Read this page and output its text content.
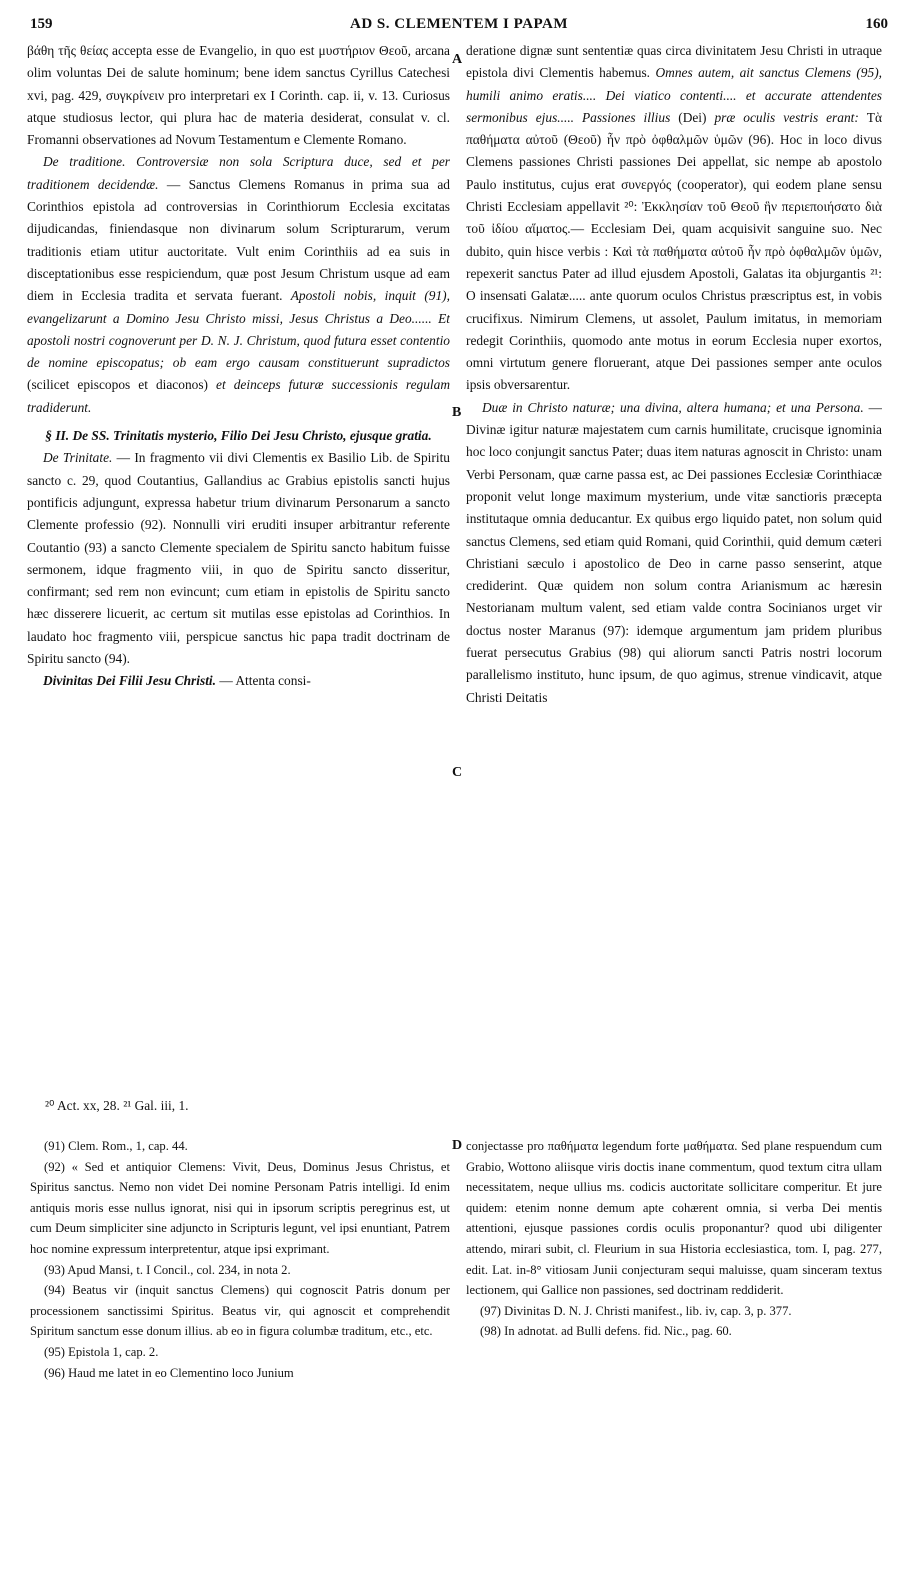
159	AD S. CLEMENTEM I PAPAM	160
A
B
C
D

βάθη τῆς θείας accepta esse de Evangelio, in quo est μυστήριον Θεοῦ, arcana olim voluntas Dei de salute hominum; bene idem sanctus Cyrillus Catechesi xvi, pag. 429, συγκρίνειν pro interpretari ex I Corinth. cap. ii, v. 13. Curiosus atque studiosus lector, qui plura hac de materia desiderat, consulat v. cl. Fromanni observationes ad Novum Testamentum e Clemente Romano.

De traditione. Controversiæ non sola Scriptura duce, sed et per traditionem decidendæ. — Sanctus Clemens Romanus in prima sua ad Corinthios epistola ad controversias in Corinthiorum Ecclesia excitatas dijudicandas, finiendasque non divinarum solum Scripturarum, verum traditionis etiam utitur auctoritate. Vult enim Corinthiis ad ea suis in disceptationibus esse respiciendum, quæ post Jesum Christum usque ad eam diem in Ecclesia tradita et servata fuerant. Apostoli nobis, inquit (91), evangelizarunt a Domino Jesu Christo missi, Jesus Christus a Deo...... Et apostoli nostri cognoverunt per D. N. J. Christum, quod futura esset contentio de nomine episcopatus; ob eam ergo causam constituerunt supradictos (scilicet episcopos et diaconos) et deinceps futuræ successionis regulam tradiderunt.

§ II. De SS. Trinitatis mysterio, Filio Dei Jesu Christo, ejusque gratia.

De Trinitate. — In fragmento vii divi Clementis ex Basilio Lib. de Spiritu sancto c. 29, quod Coutantius, Gallandius ac Grabius epistolis sancti hujus pontificis adjungunt, expressa habetur trium divinarum Personarum a sancto Clemente professio (92). Nonnulli viri eruditi insuper arbitrantur referente Coutantio (93) a sancto Clemente specialem de Spiritu sancto habitum fuisse sermonem, idque fragmento viii, in quo de Spiritu sancto disseritur, confirmant; sed rem non evincunt; cum etiam in epistolis de Spiritu sancto hæc disserere licuerit, ac certum sit mutilas esse epistolas ad Corinthios. In laudato hoc fragmento viii, perspicue sanctus hic papa tradit doctrinam de Spiritu sancto (94).

Divinitas Dei Filii Jesu Christi. — Attenta consi-

deratione dignæ sunt sententiæ quas circa divinitatem Jesu Christi in utraque epistola divi Clementis habemus. Omnes autem, ait sanctus Clemens (95), humili animo eratis.... Dei viatico contenti.... et accurate attendentes sermonibus ejus..... Passiones illius (Dei) præ oculis vestris erant: Τὰ παθήματα αὐτοῦ (Θεοῦ) ἦν πρὸ ὀφθαλμῶν ὑμῶν (96). Hoc in loco divus Clemens passiones Christi passiones Dei appellat, sic nempe ab apostolo Paulo institutus, cujus erat συνεργός (cooperator), qui eodem plane sensu Christi Ecclesiam appellavit ²⁰: Ἐκκλησίαν τοῦ Θεοῦ ἣν περιεποιήσατο διὰ τοῦ ἰδίου αἵματος.— Ecclesiam Dei, quam acquisivit sanguine suo. Nec dubito, quin hisce verbis : Καὶ τὰ παθήματα αὐτοῦ ἦν πρὸ ὀφθαλμῶν ὑμῶν, repexerit sanctus Pater ad illud ejusdem Apostoli, Galatas ita objurgantis ²¹: O insensati Galatæ..... ante quorum oculos Christus præscriptus est, in vobis crucifixus. Nimirum Clemens, ut assolet, Paulum imitatus, in memoriam redegit Corinthiis, quomodo ante motus in eorum Ecclesia nuper exortos, omni virtutum genere floruerant, atque Dei passiones semper ante oculos ipsis obversarentur.

Duæ in Christo naturæ; una divina, altera humana; et una Persona. —Divinæ igitur naturæ majestatem cum carnis humilitate, crucisque ignominia hoc loco conjungit sanctus Pater; duas item naturas agnoscit in Christo: unam Verbi Personam, quæ carne passa est, ac Dei passiones Ecclesiæ Corinthiacæ proponit velut longe maximum mysterium, unde vitæ sanctioris præcepta institutaque omnia deducantur. Ex quibus ergo liquido patet, non solum quid sanctus Clemens, sed etiam quid Romani, quid Corinthii, quid demum cæteri Christiani sæculo i apostolico de Deo in carne passo senserint, atque crediderint. Quæ quidem non solum contra Arianismum ac hæresin Nestorianam multum valent, sed etiam valde contra Socinianos urget vir doctus noster Maranus (97): idemque argumentum jam pridem pluribus fuerat persecutus Grabius (98) qui aliorum sancti Patris nostri locorum parallelismo instituto, hunc ipsum, de quo agimus, strenue vindicavit, atque Christi Deitatis

²⁰ Act. xx, 28. ²¹ Gal. iii, 1.

(91) Clem. Rom., 1, cap. 44.

(92) « Sed et antiquior Clemens: Vivit, Deus, Dominus Jesus Christus, et Spiritus sanctus. Nemo non videt Dei nomine Personam Patris intelligi. Id enim antiquis moris esse nullus ignorat, nisi qui in ipsorum scriptis peregrinus est, ut cum Deum simpliciter sine adjuncto in Scripturis legunt, vel ipsi enuntiant, Patrem hoc nomine expressum interpretentur, atque ipsi exprimant.

(93) Apud Mansi, t. I Concil., col. 234, in nota 2.

(94) Beatus vir (inquit sanctus Clemens) qui cognoscit Patris donum per processionem sanctissimi Spiritus. Beatus vir, qui agnoscit et comprehendit Spiritum sanctum esse donum illius. ab eo in figura columbæ traditum, etc., etc.

(95) Epistola 1, cap. 2.

(96) Haud me latet in eo Clementino loco Junium

conjectasse pro παθήματα legendum forte μαθήματα. Sed plane respuendum cum Grabio, Wottono aliisque viris doctis inane commentum, quod textum citra ullam necessitatem, neque ullius ms. codicis auctoritate sollicitare comperitur. Et jure quidem: etenim nonne demum apte cohærent omnia, si verba Dei mentis attentioni, ejusque passiones cordis oculis proponantur? quod ubi diligenter attendo, mirari subit, cl. Fleurium in sua Historia ecclesiastica, tom. I, pag. 277, edit. Lat. in-8° vitiosam Junii conjecturam sequi maluisse, quam sinceram textus lectionem, qui Gallice non passiones, sed doctrinam reddiderit.

(97) Divinitas D. N. J. Christi manifest., lib. iv, cap. 3, p. 377.

(98) In adnotat. ad Bulli defens. fid. Nic., pag. 60.
